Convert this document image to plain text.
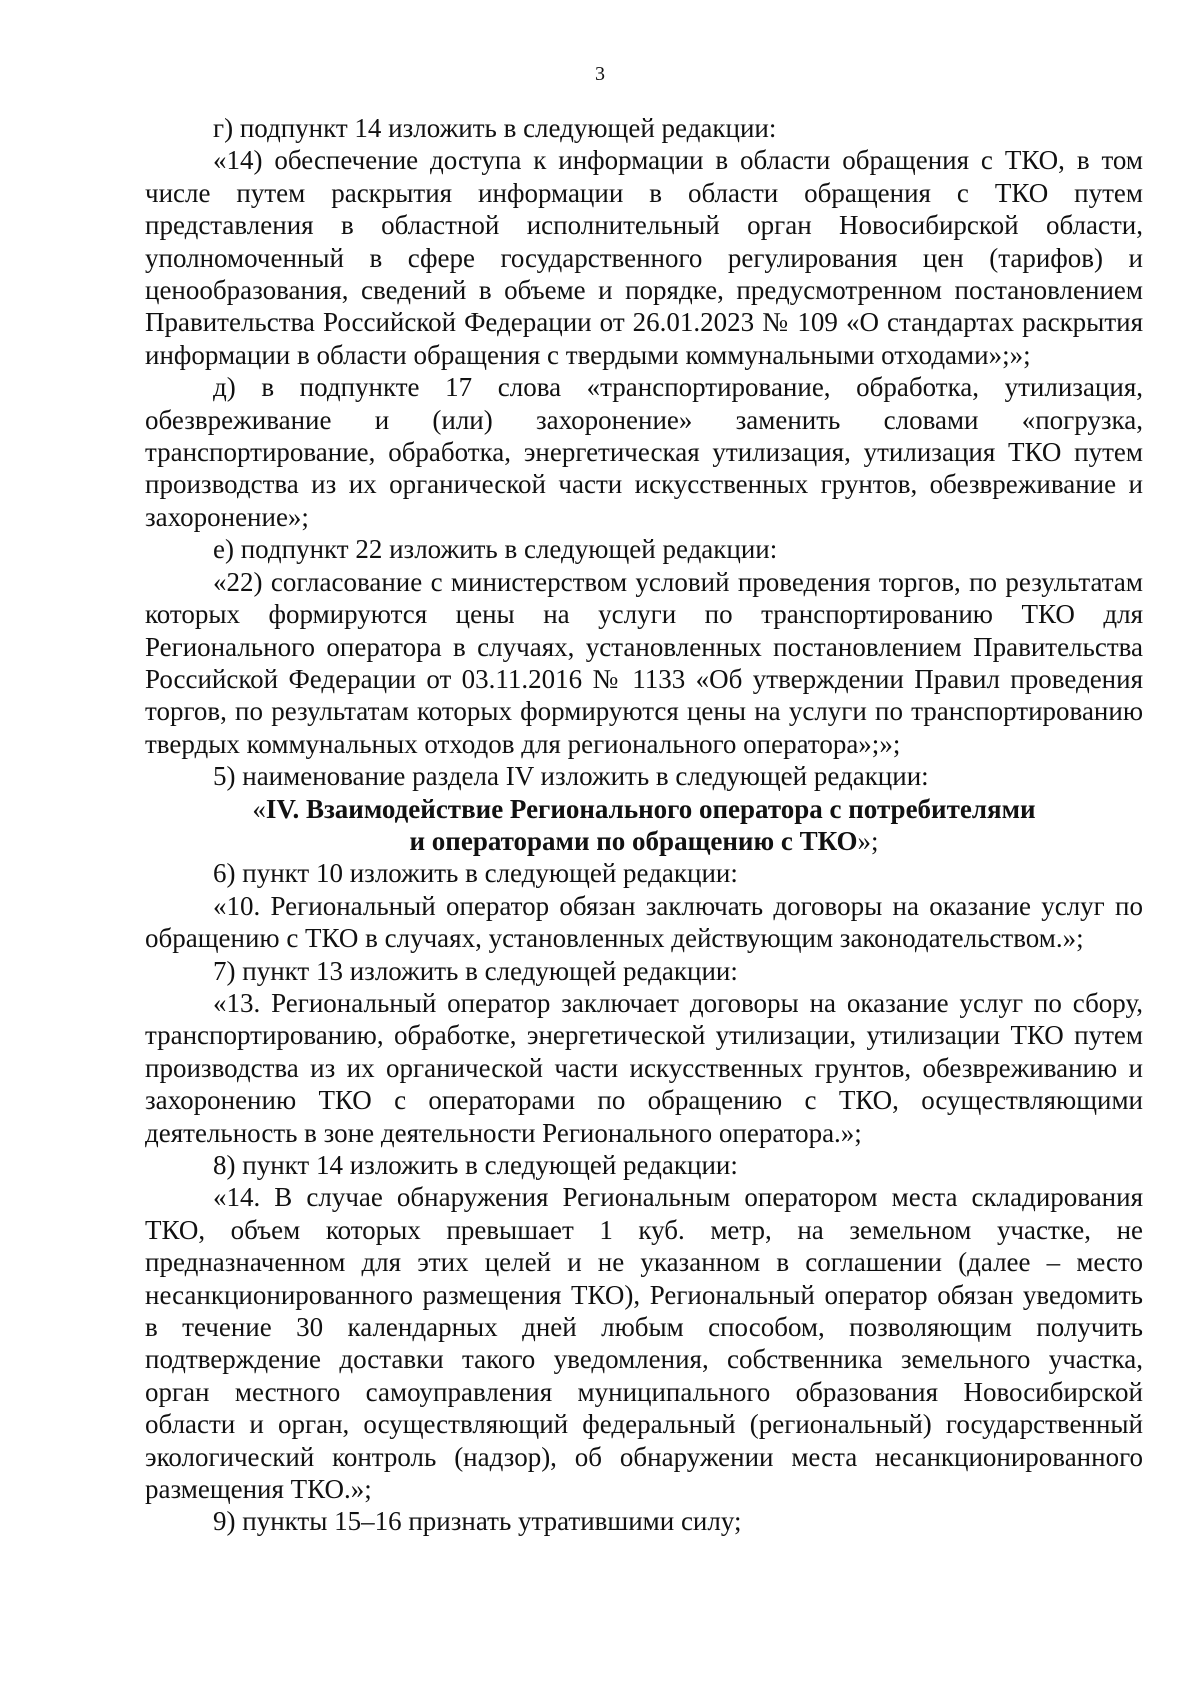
3

г) подпункт 14 изложить в следующей редакции:

«14) обеспечение доступа к информации в области обращения с ТКО, в том числе путем раскрытия информации в области обращения с ТКО путем представления в областной исполнительный орган Новосибирской области, уполномоченный в сфере государственного регулирования цен (тарифов) и ценообразования, сведений в объеме и порядке, предусмотренном постановлением Правительства Российской Федерации от 26.01.2023 № 109 «О стандартах раскрытия информации в области обращения с твердыми коммунальными отходами»;»;

д) в подпункте 17 слова «транспортирование, обработка, утилизация, обезвреживание и (или) захоронение» заменить словами «погрузка, транспортирование, обработка, энергетическая утилизация, утилизация ТКО путем производства из их органической части искусственных грунтов, обезвреживание и захоронение»;

е) подпункт 22 изложить в следующей редакции:

«22) согласование с министерством условий проведения торгов, по результатам которых формируются цены на услуги по транспортированию ТКО для Регионального оператора в случаях, установленных постановлением Правительства Российской Федерации от 03.11.2016 № 1133 «Об утверждении Правил проведения торгов, по результатам которых формируются цены на услуги по транспортированию твердых коммунальных отходов для регионального оператора»;»;

5) наименование раздела IV изложить в следующей редакции:

«IV. Взаимодействие Регионального оператора с потребителями
и операторами по обращению с ТКО»;

6) пункт 10 изложить в следующей редакции:

«10. Региональный оператор обязан заключать договоры на оказание услуг по обращению с ТКО в случаях, установленных действующим законодательством.»;

7) пункт 13 изложить в следующей редакции:

«13. Региональный оператор заключает договоры на оказание услуг по сбору, транспортированию, обработке, энергетической утилизации, утилизации ТКО путем производства из их органической части искусственных грунтов, обезвреживанию и захоронению ТКО с операторами по обращению с ТКО, осуществляющими деятельность в зоне деятельности Регионального оператора.»;

8) пункт 14 изложить в следующей редакции:

«14. В случае обнаружения Региональным оператором места складирования ТКО, объем которых превышает 1 куб. метр, на земельном участке, не предназначенном для этих целей и не указанном в соглашении (далее – место несанкционированного размещения ТКО), Региональный оператор обязан уведомить в течение 30 календарных дней любым способом, позволяющим получить подтверждение доставки такого уведомления, собственника земельного участка, орган местного самоуправления муниципального образования Новосибирской области и орган, осуществляющий федеральный (региональный) государственный экологический контроль (надзор), об обнаружении места несанкционированного размещения ТКО.»;

9) пункты 15–16 признать утратившими силу;
